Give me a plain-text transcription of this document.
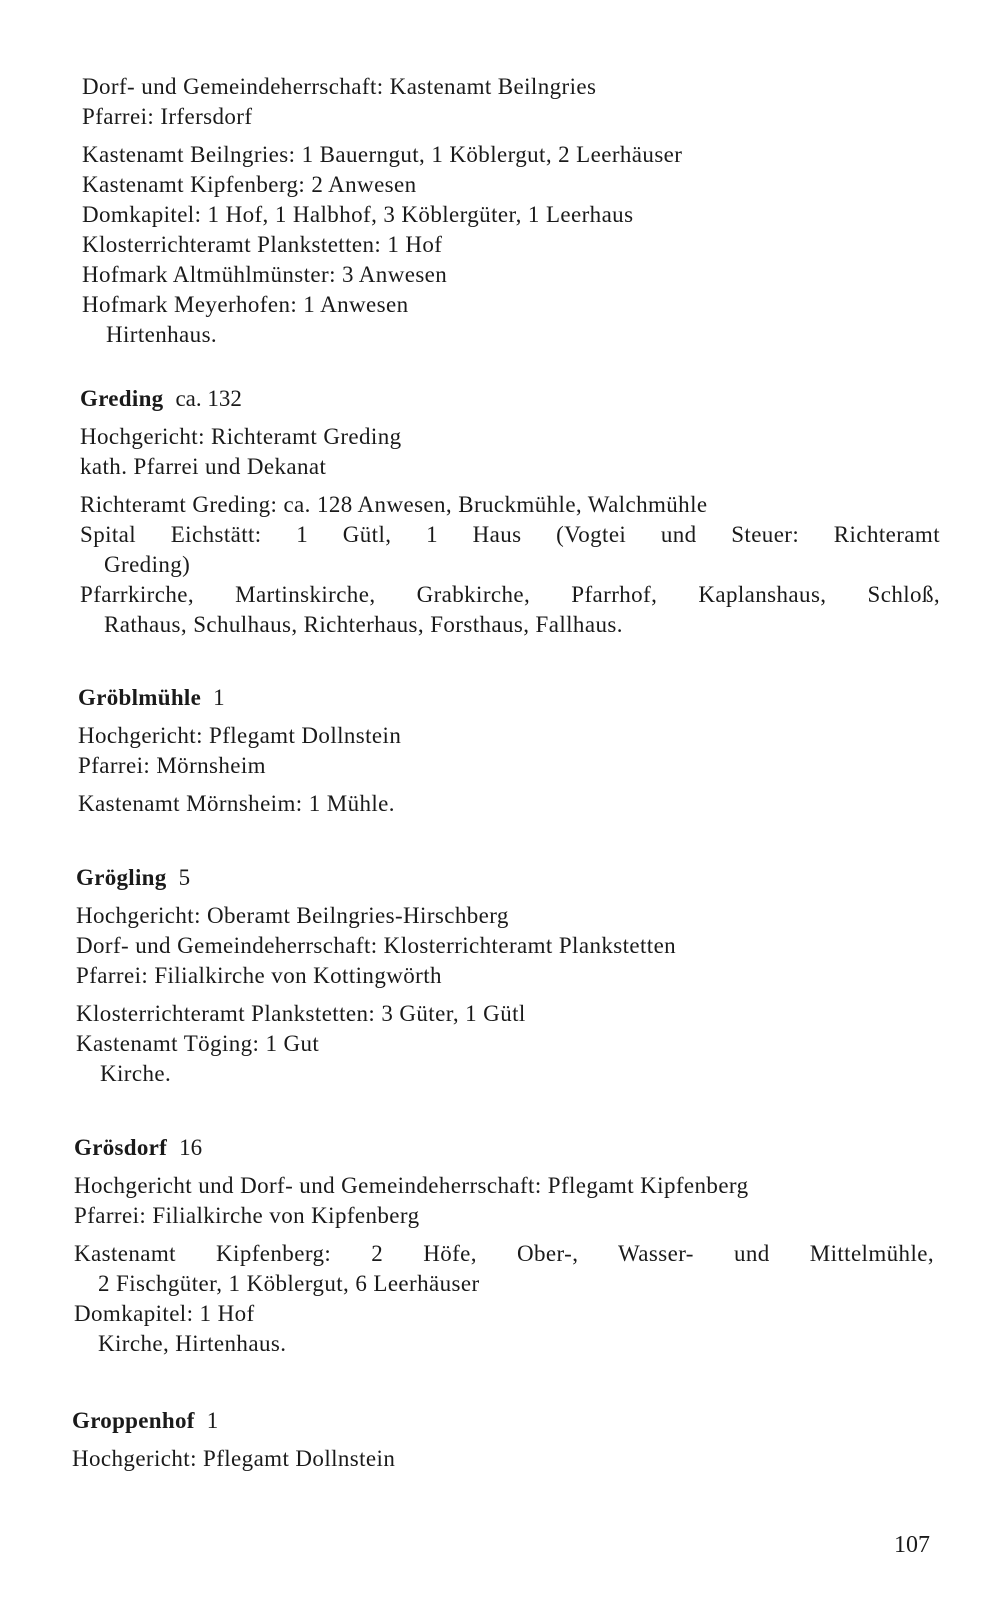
Dorf- und Gemeindeherrschaft: Kastenamt Beilngries
Pfarrei: Irfersdorf
Kastenamt Beilngries: 1 Bauerngut, 1 Köblergut, 2 Leerhäuser
Kastenamt Kipfenberg: 2 Anwesen
Domkapitel: 1 Hof, 1 Halbhof, 3 Köblergüter, 1 Leerhaus
Klosterrichteramt Plankstetten: 1 Hof
Hofmark Altmühlmünster: 3 Anwesen
Hofmark Meyerhofen: 1 Anwesen
Hirtenhaus.
Greding ca. 132
Hochgericht: Richteramt Greding
kath. Pfarrei und Dekanat
Richteramt Greding: ca. 128 Anwesen, Bruckmühle, Walchmühle
Spital Eichstätt: 1 Gütl, 1 Haus (Vogtei und Steuer: Richteramt
Greding)
Pfarrkirche, Martinskirche, Grabkirche, Pfarrhof, Kaplanshaus, Schloß,
Rathaus, Schulhaus, Richterhaus, Forsthaus, Fallhaus.
Gröblmühle 1
Hochgericht: Pflegamt Dollnstein
Pfarrei: Mörnsheim
Kastenamt Mörnsheim: 1 Mühle.
Grögling 5
Hochgericht: Oberamt Beilngries-Hirschberg
Dorf- und Gemeindeherrschaft: Klosterrichteramt Plankstetten
Pfarrei: Filialkirche von Kottingwörth
Klosterrichteramt Plankstetten: 3 Güter, 1 Gütl
Kastenamt Töging: 1 Gut
Kirche.
Grösdorf 16
Hochgericht und Dorf- und Gemeindeherrschaft: Pflegamt Kipfenberg
Pfarrei: Filialkirche von Kipfenberg
Kastenamt Kipfenberg: 2 Höfe, Ober-, Wasser- und Mittelmühle,
2 Fischgüter, 1 Köblergut, 6 Leerhäuser
Domkapitel: 1 Hof
Kirche, Hirtenhaus.
Groppenhof 1
Hochgericht: Pflegamt Dollnstein
107
